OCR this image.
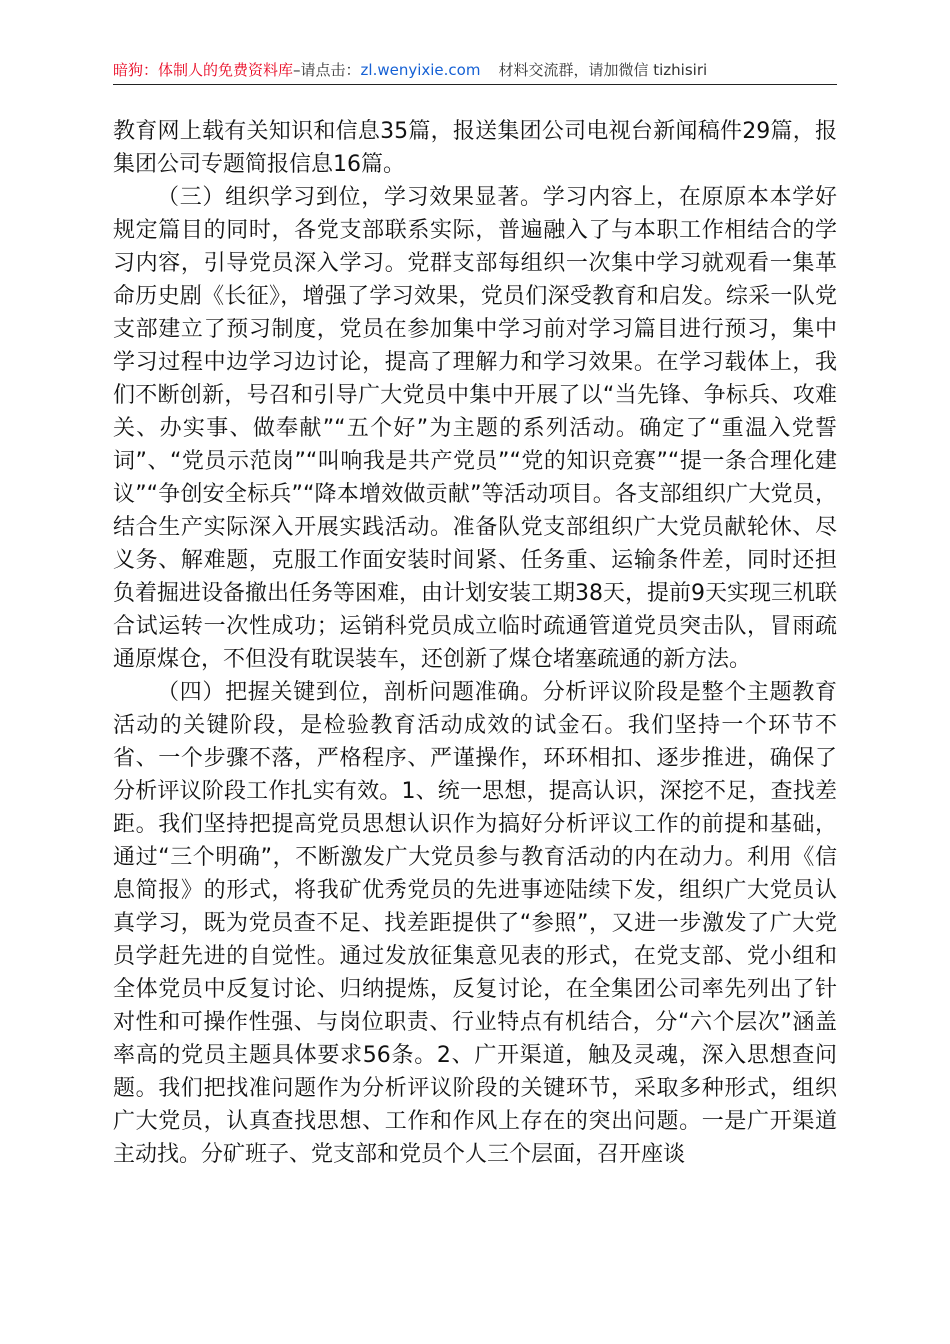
暗狗：体制人的免费资料库–请点击：zl.wenyixie.com 材料交流群，请加微信 tizhisiri

教育网上载有关知识和信息35篇，报送集团公司电视台新闻稿件29篇，报集团公司专题简报信息16篇。

（三）组织学习到位，学习效果显著。学习内容上，在原原本本学好规定篇目的同时，各党支部联系实际，普遍融入了与本职工作相结合的学习内容，引导党员深入学习。党群支部每组织一次集中学习就观看一集革命历史剧《长征》，增强了学习效果，党员们深受教育和启发。综采一队党支部建立了预习制度，党员在参加集中学习前对学习篇目进行预习，集中学习过程中边学习边讨论，提高了理解力和学习效果。在学习载体上，我们不断创新，号召和引导广大党员中集中开展了以“当先锋、争标兵、攻难关、办实事、做奉献”“五个好”为主题的系列活动。确定了“重温入党誓词”、“党员示范岗”“叫响我是共产党员”“党的知识竞赛”“提一条合理化建议”“争创安全标兵”“降本增效做贡献”等活动项目。各支部组织广大党员，结合生产实际深入开展实践活动。准备队党支部组织广大党员献轮休、尽义务、解难题，克服工作面安装时间紧、任务重、运输条件差，同时还担负着掘进设备撤出任务等困难，由计划安装工期38天，提前9天实现三机联合试运转一次性成功；运销科党员成立临时疏通管道党员突击队，冒雨疏通原煤仓，不但没有耽误装车，还创新了煤仓堵塞疏通的新方法。

（四）把握关键到位，剖析问题准确。分析评议阶段是整个主题教育活动的关键阶段，是检验教育活动成效的试金石。我们坚持一个环节不省、一个步骤不落，严格程序、严谨操作，环环相扣、逐步推进，确保了分析评议阶段工作扎实有效。1、统一思想，提高认识，深挖不足，查找差距。我们坚持把提高党员思想认识作为搞好分析评议工作的前提和基础，通过“三个明确”，不断激发广大党员参与教育活动的内在动力。利用《信息简报》的形式，将我矿优秀党员的先进事迹陆续下发，组织广大党员认真学习，既为党员查不足、找差距提供了“参照”，又进一步激发了广大党员学赶先进的自觉性。通过发放征集意见表的形式，在党支部、党小组和全体党员中反复讨论、归纳提炼，反复讨论，在全集团公司率先列出了针对性和可操作性强、与岗位职责、行业特点有机结合，分“六个层次”涵盖率高的党员主题具体要求56条。2、广开渠道，触及灵魂，深入思想查问题。我们把找准问题作为分析评议阶段的关键环节，采取多种形式，组织广大党员，认真查找思想、工作和作风上存在的突出问题。一是广开渠道主动找。分矿班子、党支部和党员个人三个层面，召开座谈
